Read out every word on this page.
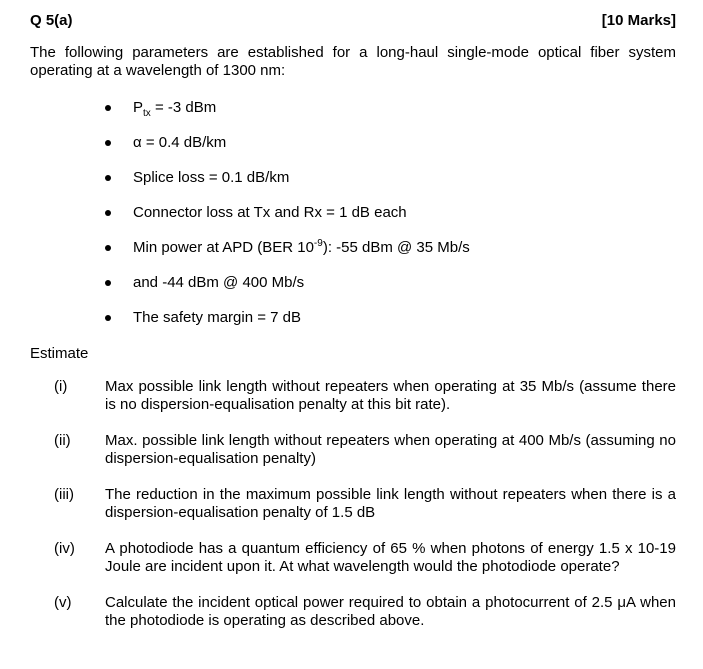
Q 5(a)	[10 Marks]
The following parameters are established for a long-haul single-mode optical fiber system operating at a wavelength of 1300 nm:
$P_{tx} = -3$ dBm
α = 0.4 dB/km
Splice loss = 0.1 dB/km
Connector loss at Tx and Rx = 1 dB each
Min power at APD (BER $10^{-9}$): -55 dBm @ 35 Mb/s
and -44 dBm @ 400 Mb/s
The safety margin = 7 dB
Estimate
(i)	Max possible link length without repeaters when operating at 35 Mb/s (assume there is no dispersion-equalisation penalty at this bit rate).
(ii)	Max. possible link length without repeaters when operating at 400 Mb/s (assuming no dispersion-equalisation penalty)
(iii)	The reduction in the maximum possible link length without repeaters when there is a dispersion-equalisation penalty of 1.5 dB
(iv)	A photodiode has a quantum efficiency of 65 % when photons of energy 1.5 x 10-19 Joule are incident upon it. At what wavelength would the photodiode operate?
(v)	Calculate the incident optical power required to obtain a photocurrent of 2.5 μA when the photodiode is operating as described above.
